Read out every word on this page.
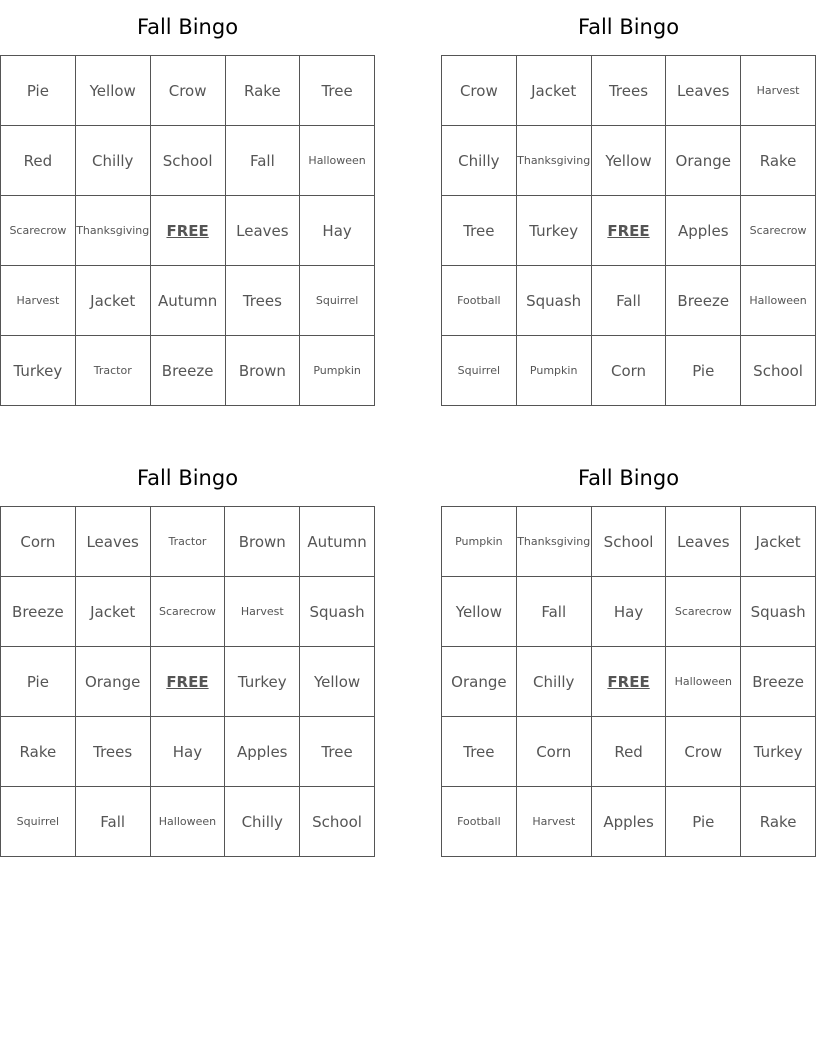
Fall Bingo
Pie	Yellow	Crow	Rake	Tree
Red	Chilly	School	Fall	Halloween
Scarecrow	Thanksgiving	FREE	Leaves	Hay
Harvest	Jacket	Autumn	Trees	Squirrel
Turkey	Tractor	Breeze	Brown	Pumpkin
Fall Bingo
Crow	Jacket	Trees	Leaves	Harvest
Chilly	Thanksgiving	Yellow	Orange	Rake
Tree	Turkey	FREE	Apples	Scarecrow
Football	Squash	Fall	Breeze	Halloween
Squirrel	Pumpkin	Corn	Pie	School
Fall Bingo
Corn	Leaves	Tractor	Brown	Autumn
Breeze	Jacket	Scarecrow	Harvest	Squash
Pie	Orange	FREE	Turkey	Yellow
Rake	Trees	Hay	Apples	Tree
Squirrel	Fall	Halloween	Chilly	School
Fall Bingo
Pumpkin	Thanksgiving	School	Leaves	Jacket
Yellow	Fall	Hay	Scarecrow	Squash
Orange	Chilly	FREE	Halloween	Breeze
Tree	Corn	Red	Crow	Turkey
Football	Harvest	Apples	Pie	Rake
